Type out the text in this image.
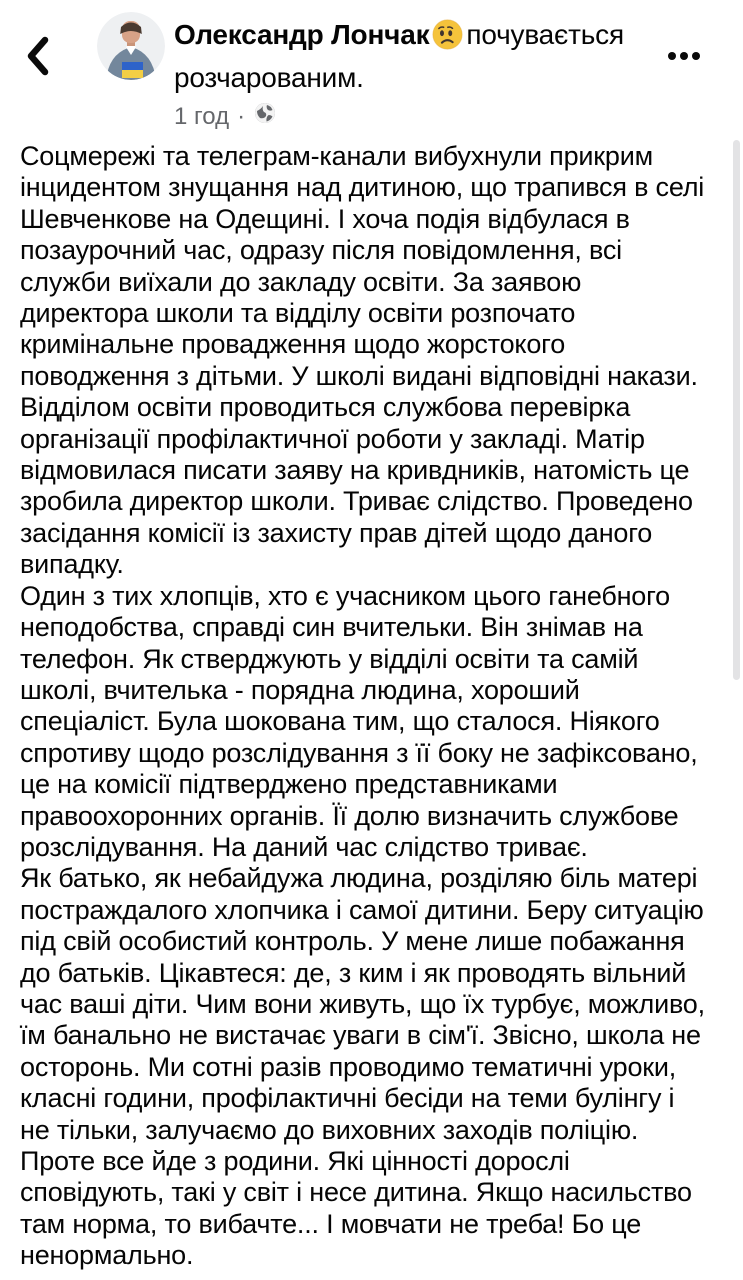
Олександр Лончак почувається розчарованим.
1 год ·
Соцмережі та телеграм-канали вибухнули прикрим
інцидентом знущання над дитиною, що трапився в селі
Шевченкове на Одещині. І хоча подія відбулася в
позаурочний час, одразу після повідомлення, всі
служби виїхали до закладу освіти. За заявою
директора школи та відділу освіти розпочато
кримінальне провадження щодо жорстокого
поводження з дітьми. У школі видані відповідні накази.
Відділом освіти проводиться службова перевірка
організації профілактичної роботи у закладі. Матір
відмовилася писати заяву на кривдників, натомість це
зробила директор школи. Триває слідство. Проведено
засідання комісії із захисту прав дітей щодо даного
випадку.
Один з тих хлопців, хто є учасником цього ганебного
неподобства, справді син вчительки. Він знімав на
телефон. Як стверджують у відділі освіти та самій
школі, вчителька - порядна людина, хороший
спеціаліст. Була шокована тим, що сталося. Ніякого
спротиву щодо розслідування з її боку не зафіксовано,
це на комісії підтверджено представниками
правоохоронних органів. Її долю визначить службове
розслідування. На даний час слідство триває.
Як батько, як небайдужа людина, розділяю біль матері
постраждалого хлопчика і самої дитини. Беру ситуацію
під свій особистий контроль. У мене лише побажання
до батьків. Цікавтеся: де, з ким і як проводять вільний
час ваші діти. Чим вони живуть, що їх турбує, можливо,
їм банально не вистачає уваги в сім'ї. Звісно, школа не
осторонь. Ми сотні разів проводимо тематичні уроки,
класні години, профілактичні бесіди на теми булінгу і
не тільки, залучаємо до виховних заходів поліцію.
Проте все йде з родини. Які цінності дорослі
сповідують, такі у світ і несе дитина. Якщо насильство
там норма, то вибачте... І мовчати не треба! Бо це
ненормально.
